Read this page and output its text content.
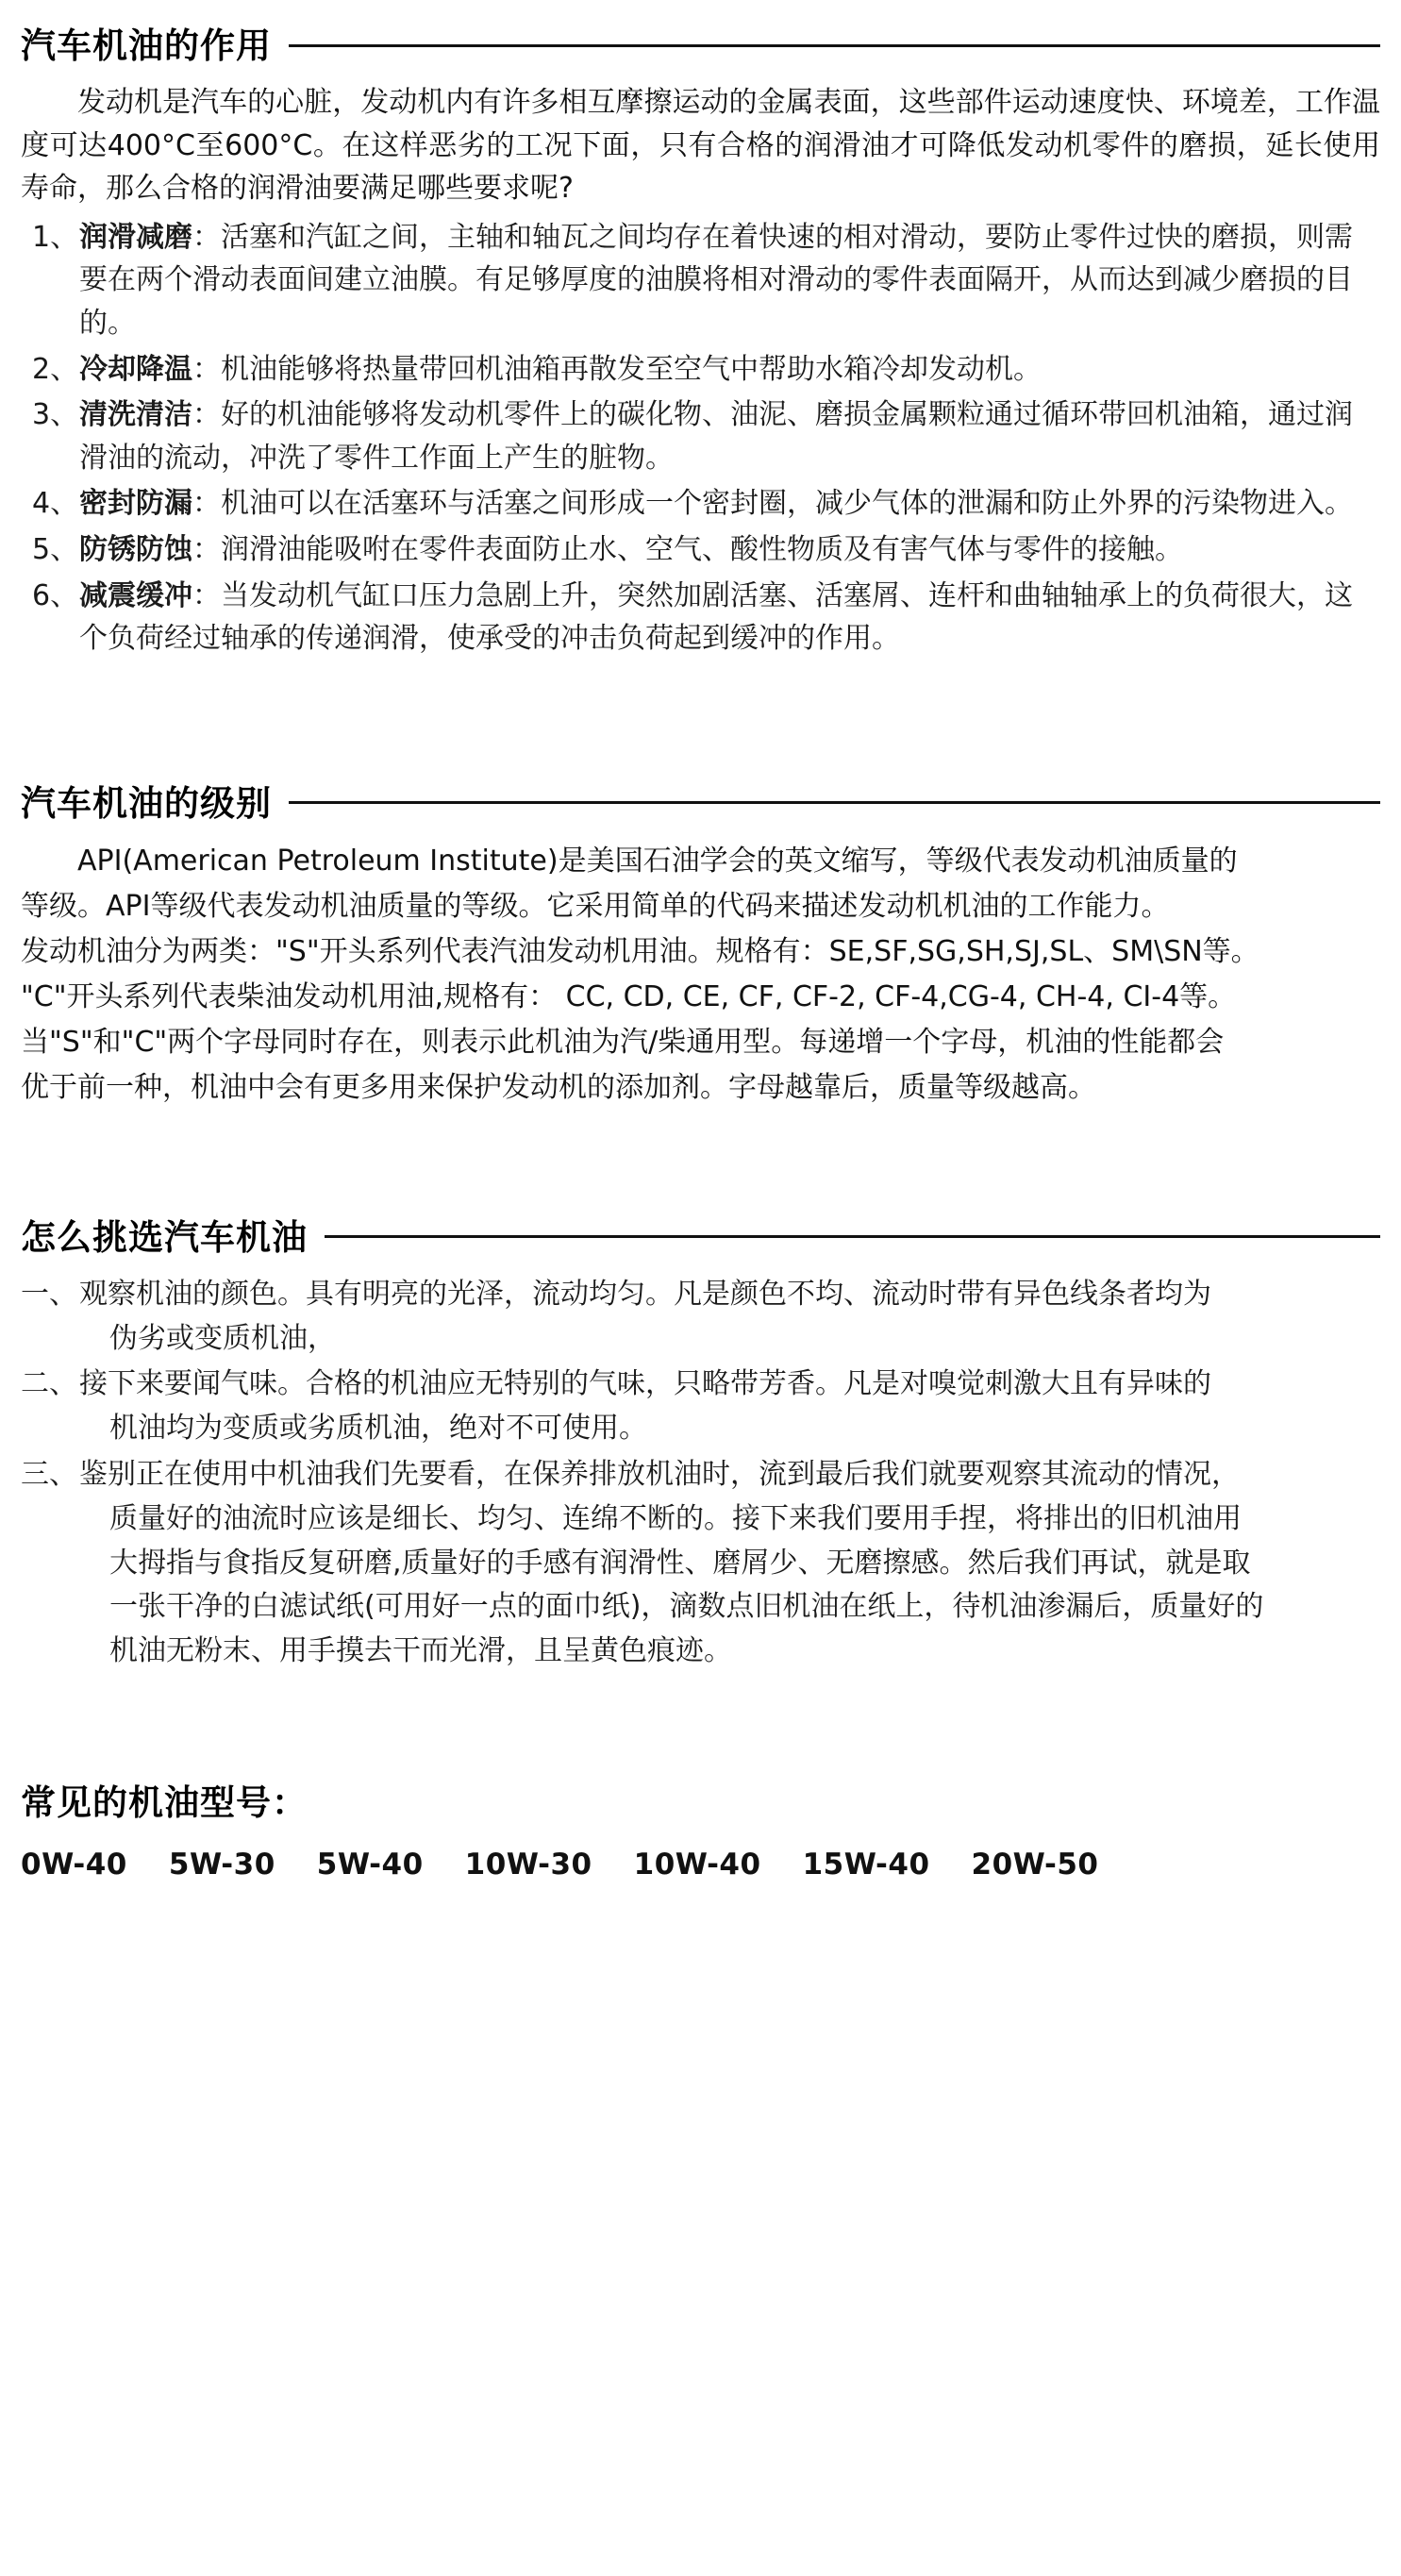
汽车机油的作用

发动机是汽车的心脏，发动机内有许多相互摩擦运动的金属表面，这些部件运动速度快、环境差，工作温度可达400°C至600°C。在这样恶劣的工况下面，只有合格的润滑油才可降低发动机零件的磨损，延长使用寿命，那么合格的润滑油要满足哪些要求呢?

1、 润滑减磨：活塞和汽缸之间，主轴和轴瓦之间均存在着快速的相对滑动，要防止零件过快的磨损，则需要在两个滑动表面间建立油膜。有足够厚度的油膜将相对滑动的零件表面隔开，从而达到减少磨损的目的。
2、 冷却降温：机油能够将热量带回机油箱再散发至空气中帮助水箱冷却发动机。
3、 清洗清洁：好的机油能够将发动机零件上的碳化物、油泥、磨损金属颗粒通过循环带回机油箱，通过润滑油的流动，冲洗了零件工作面上产生的脏物。
4、 密封防漏：机油可以在活塞环与活塞之间形成一个密封圈，减少气体的泄漏和防止外界的污染物进入。
5、 防锈防蚀：润滑油能吸咐在零件表面防止水、空气、酸性物质及有害气体与零件的接触。
6、 减震缓冲：当发动机气缸口压力急剧上升，突然加剧活塞、活塞屑、连杆和曲轴轴承上的负荷很大，这个负荷经过轴承的传递润滑，使承受的冲击负荷起到缓冲的作用。
汽车机油的级别
API(American Petroleum Institute)是美国石油学会的英文缩写，等级代表发动机油质量的
等级。API等级代表发动机油质量的等级。它采用简单的代码来描述发动机机油的工作能力。
发动机油分为两类："S"开头系列代表汽油发动机用油。规格有：SE,SF,SG,SH,SJ,SL、SM\SN等。
"C"开头系列代表柴油发动机用油,规格有： CC, CD, CE, CF, CF-2, CF-4,CG-4, CH-4, CI-4等。
当"S"和"C"两个字母同时存在，则表示此机油为汽/柴通用型。每递增一个字母，机油的性能都会
优于前一种，机油中会有更多用来保护发动机的添加剂。字母越靠后，质量等级越高。
怎么挑选汽车机油
一、 观察机油的颜色。具有明亮的光泽，流动均匀。凡是颜色不均、流动时带有异色线条者均为
伪劣或变质机油，
二、 接下来要闻气味。合格的机油应无特别的气味，只略带芳香。凡是对嗅觉刺激大且有异味的
机油均为变质或劣质机油，绝对不可使用。
三、 鉴别正在使用中机油我们先要看，在保养排放机油时，流到最后我们就要观察其流动的情况，
质量好的油流时应该是细长、均匀、连绵不断的。接下来我们要用手捏，将排出的旧机油用
大拇指与食指反复研磨,质量好的手感有润滑性、磨屑少、无磨擦感。然后我们再试，就是取
一张干净的白滤试纸(可用好一点的面巾纸)，滴数点旧机油在纸上，待机油渗漏后，质量好的
机油无粉末、用手摸去干而光滑，且呈黄色痕迹。
常见的机油型号：
0W-40 5W-30 5W-40 10W-30 10W-40 15W-40 20W-50
